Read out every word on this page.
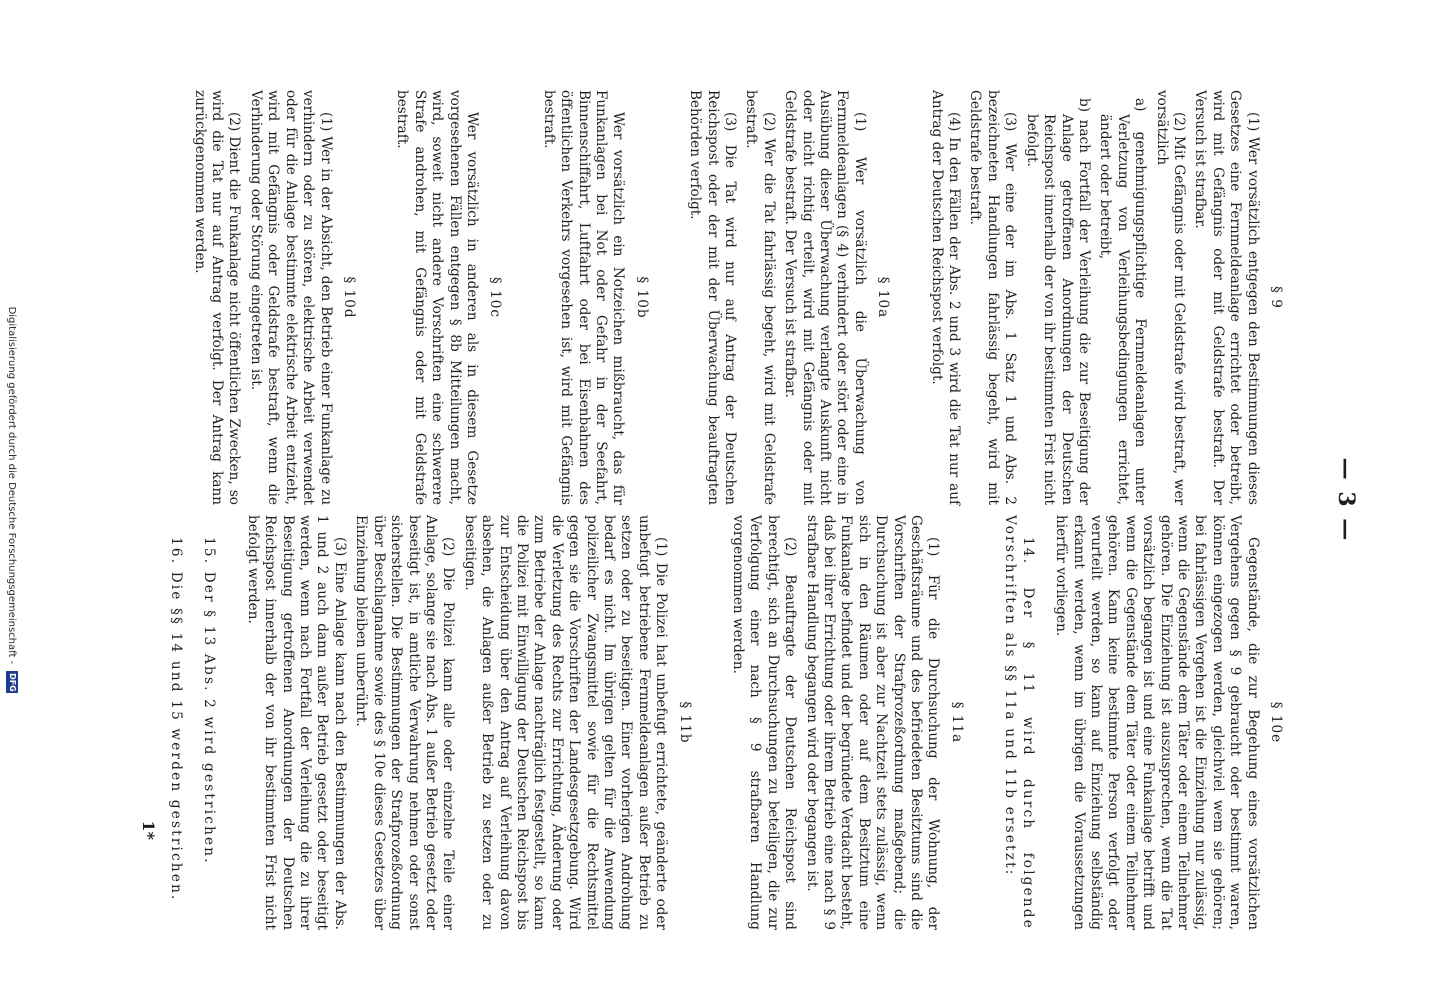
— 3 —
§ 9

(1) Wer vorsätzlich entgegen den Bestimmungen dieses Gesetzes eine Fernmeldeanlage errichtet oder betreibt, wird mit Gefängnis oder mit Geldstrafe bestraft. Der Versuch ist strafbar.

(2) Mit Gefängnis oder mit Geldstrafe wird bestraft, wer vorsätzlich

a) genehmigungspflichtige Fernmeldeanlagen unter Verletzung von Verleihungsbedingungen errichtet, ändert oder betreibt,

b) nach Fortfall der Verleihung die zur Beseitigung der Anlage getroffenen Anordnungen der Deutschen Reichspost innerhalb der von ihr bestimmten Frist nicht befolgt.

(3) Wer eine der im Abs. 1 Satz 1 und Abs. 2 bezeichneten Handlungen fahrlässig begeht, wird mit Geldstrafe bestraft.

(4) In den Fällen der Abs. 2 und 3 wird die Tat nur auf Antrag der Deutschen Reichspost verfolgt.

§ 10a

(1) Wer vorsätzlich die Überwachung von Fernmeldeanlagen (§ 4) verhindert oder stört oder eine in Ausübung dieser Überwachung verlangte Auskunft nicht oder nicht richtig erteilt, wird mit Gefängnis oder mit Geldstrafe bestraft. Der Versuch ist strafbar.

(2) Wer die Tat fahrlässig begeht, wird mit Geldstrafe bestraft.

(3) Die Tat wird nur auf Antrag der Deutschen Reichspost oder der mit der Überwachung beauftragten Behörden verfolgt.

§ 10b

Wer vorsätzlich ein Notzeichen mißbraucht, das für Funkanlagen bei Not oder Gefahr in der Seefahrt, Binnenschiffahrt, Luftfahrt oder bei Eisenbahnen des öffentlichen Verkehrs vorgesehen ist, wird mit Gefängnis bestraft.

§ 10c

Wer vorsätzlich in anderen als in diesem Gesetze vorgesehenen Fällen entgegen § 8b Mitteilungen macht, wird, soweit nicht andere Vorschriften eine schwerere Strafe androhen, mit Gefängnis oder mit Geldstrafe bestraft.

§ 10d

(1) Wer in der Absicht, den Betrieb einer Funkanlage zu verhindern oder zu stören, elektrische Arbeit verwendet oder für die Anlage bestimmte elektrische Arbeit entzieht, wird mit Gefängnis oder Geldstrafe bestraft, wenn die Verhinderung oder Störung eingetreten ist.

(2) Dient die Funkanlage nicht öffentlichen Zwecken, so wird die Tat nur auf Antrag verfolgt. Der Antrag kann zurückgenommen werden.

§ 10e

Gegenstände, die zur Begehung eines vorsätzlichen Vergehens gegen § 9 gebraucht oder bestimmt waren, können eingezogen werden, gleichviel wem sie gehören; bei fahrlässigen Vergehen ist die Einziehung nur zulässig, wenn die Gegenstände dem Täter oder einem Teilnehmer gehören. Die Einziehung ist auszusprechen, wenn die Tat vorsätzlich begangen ist und eine Funkanlage betrifft und wenn die Gegenstände dem Täter oder einem Teilnehmer gehören. Kann keine bestimmte Person verfolgt oder verurteilt werden, so kann auf Einziehung selbständig erkannt werden, wenn im übrigen die Voraussetzungen hierfür vorliegen.

14. Der § 11 wird durch folgende Vorschriften als §§ 11a und 11b ersetzt:

§ 11a

(1) Für die Durchsuchung der Wohnung, der Geschäftsräume und des befriedeten Besitztums sind die Vorschriften der Strafprozeßordnung maßgebend; die Durchsuchung ist aber zur Nachtzeit stets zulässig, wenn sich in den Räumen oder auf dem Besitztum eine Funkanlage befindet und der begründete Verdacht besteht, daß bei ihrer Errichtung oder ihrem Betrieb eine nach § 9 strafbare Handlung begangen wird oder begangen ist.

(2) Beauftragte der Deutschen Reichspost sind berechtigt, sich an Durchsuchungen zu beteiligen, die zur Verfolgung einer nach § 9 strafbaren Handlung vorgenommen werden.

§ 11b

(1) Die Polizei hat unbefugt errichtete, geänderte oder unbefugt betriebene Fernmeldeanlagen außer Betrieb zu setzen oder zu beseitigen. Einer vorherigen Androhung bedarf es nicht. Im übrigen gelten für die Anwendung polizeilicher Zwangsmittel sowie für die Rechtsmittel gegen sie die Vorschriften der Landesgesetzgebung. Wird die Verletzung des Rechts zur Errichtung, Änderung oder zum Betriebe der Anlage nachträglich festgestellt, so kann die Polizei mit Einwilligung der Deutschen Reichspost bis zur Entscheidung über den Antrag auf Verleihung davon absehen, die Anlagen außer Betrieb zu setzen oder zu beseitigen.

(2) Die Polizei kann alle oder einzelne Teile einer Anlage, solange sie nach Abs. 1 außer Betrieb gesetzt oder beseitigt ist, in amtliche Verwahrung nehmen oder sonst sicherstellen. Die Bestimmungen der Strafprozeßordnung über Beschlagnahme sowie des § 10e dieses Gesetzes über Einziehung bleiben unberührt.

(3) Eine Anlage kann nach den Bestimmungen der Abs. 1 und 2 auch dann außer Betrieb gesetzt oder beseitigt werden, wenn nach Fortfall der Verleihung die zu ihrer Beseitigung getroffenen Anordnungen der Deutschen Reichspost innerhalb der von ihr bestimmten Frist nicht befolgt werden.

15. Der § 13 Abs. 2 wird gestrichen.

16. Die §§ 14 und 15 werden gestrichen.

1*
Digitalisierung gefördert durch die Deutsche Forschungsgemeinschaft - DFG
